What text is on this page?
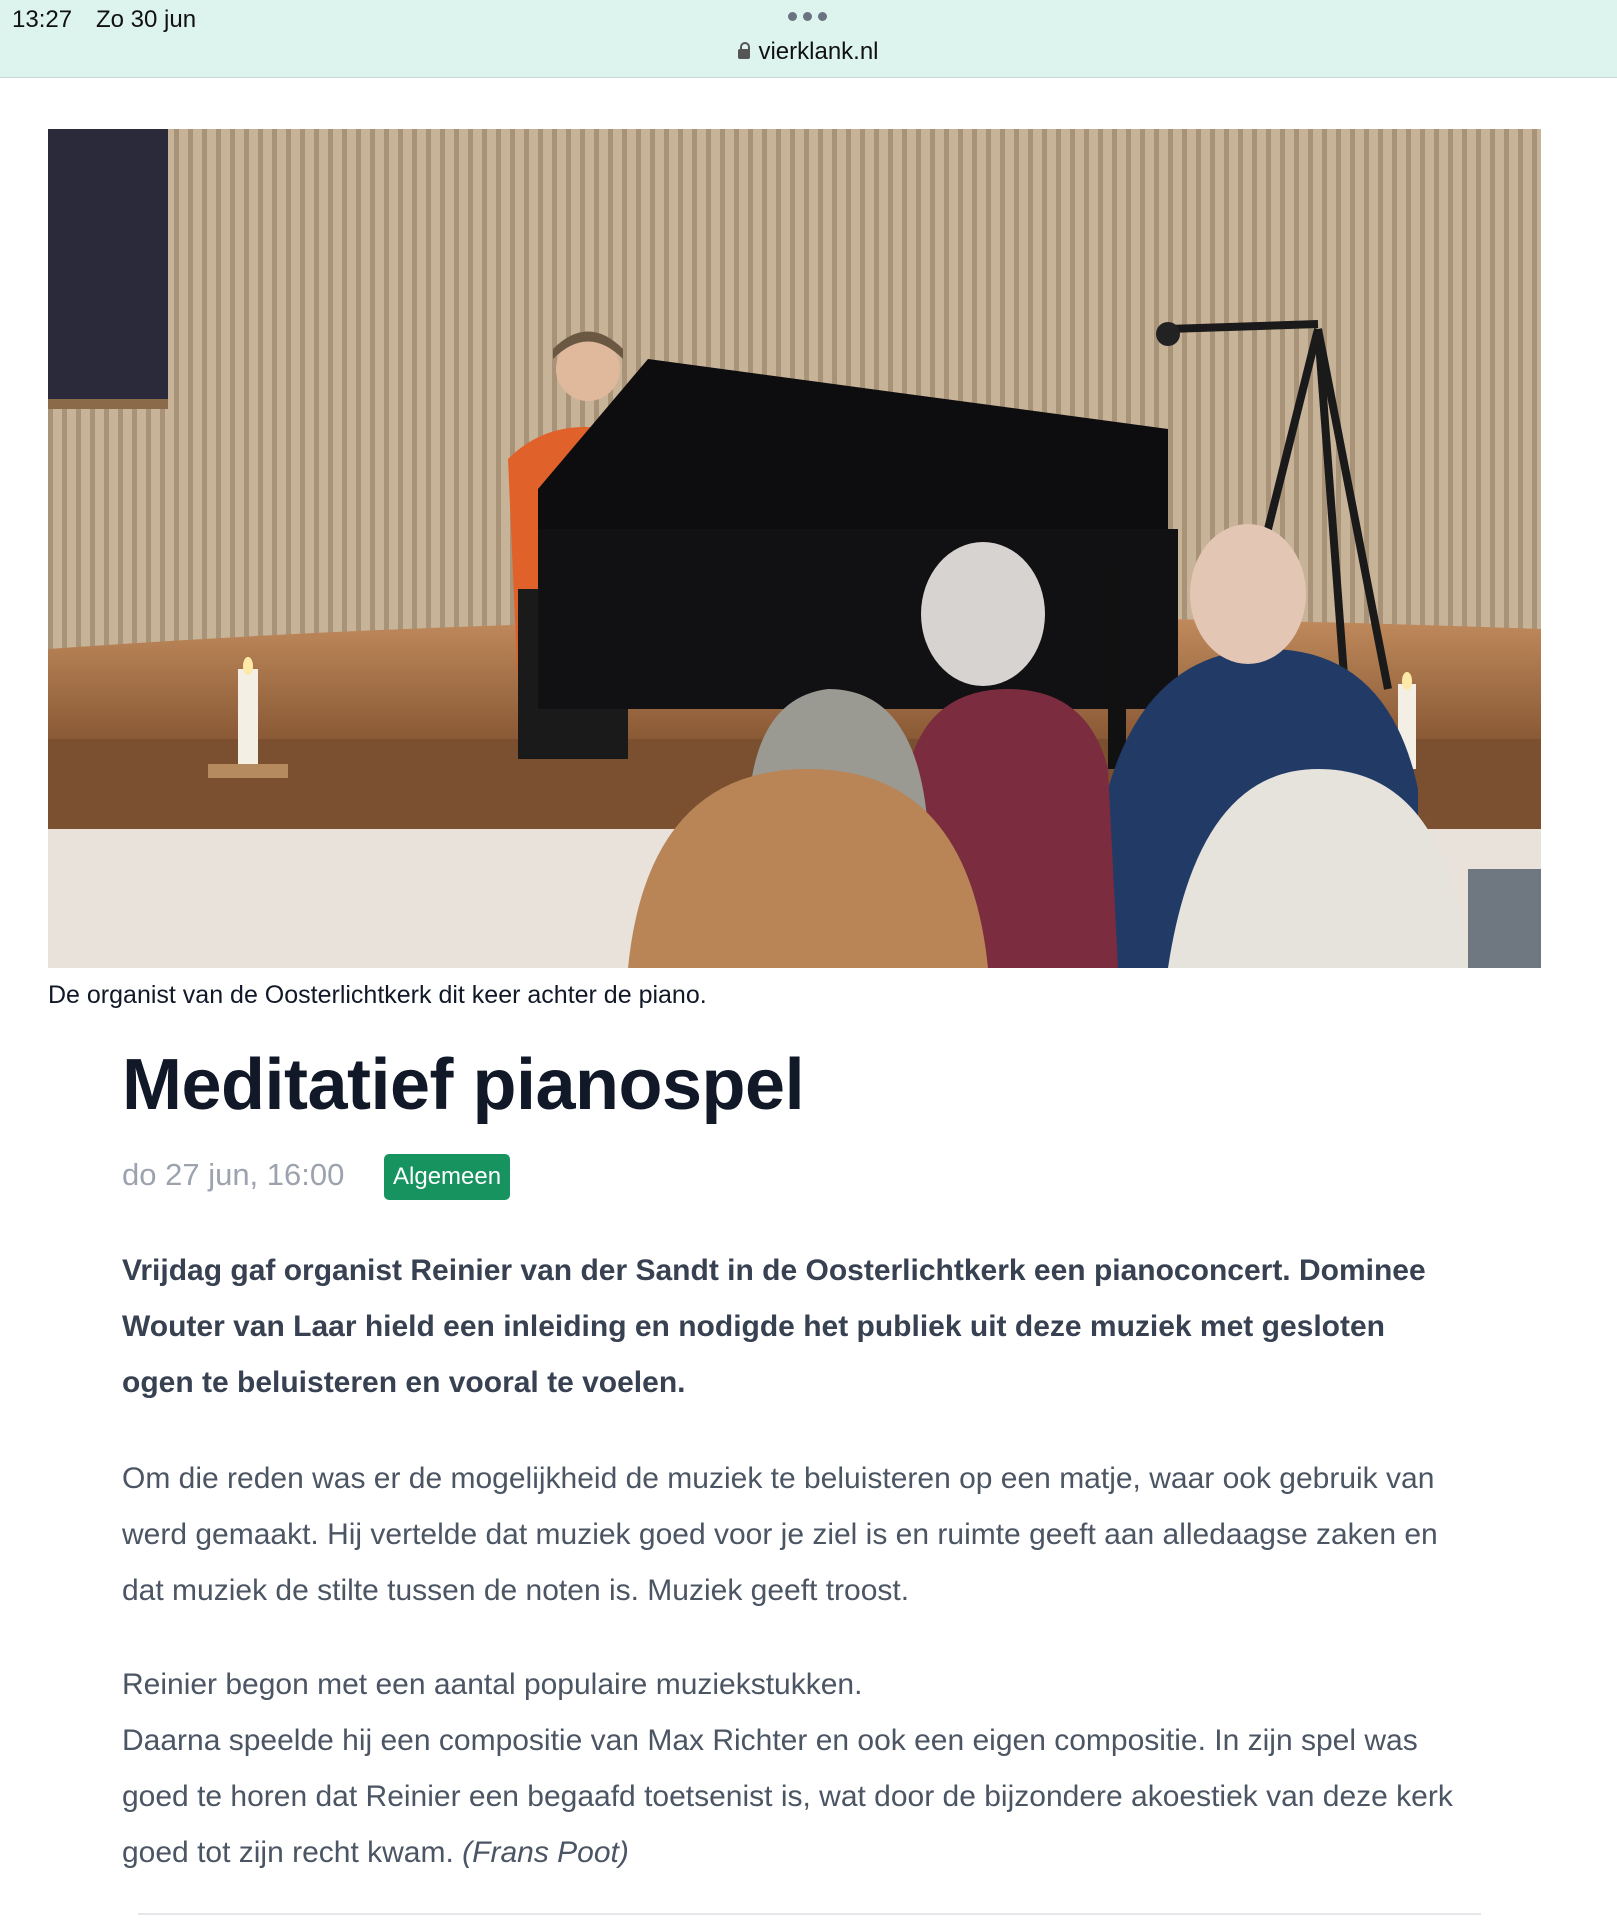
13:27 Zo 30 jun
vierklank.nl
De organist van de Oosterlichtkerk dit keer achter de piano.
Meditatief pianospel
do 27 jun, 16:00	Algemeen

Vrijdag gaf organist Reinier van der Sandt in de Oosterlichtkerk een pianoconcert. Dominee Wouter van Laar hield een inleiding en nodigde het publiek uit deze muziek met gesloten ogen te beluisteren en vooral te voelen.

Om die reden was er de mogelijkheid de muziek te beluisteren op een matje, waar ook gebruik van werd gemaakt. Hij vertelde dat muziek goed voor je ziel is en ruimte geeft aan alledaagse zaken en dat muziek de stilte tussen de noten is. Muziek geeft troost.

Reinier begon met een aantal populaire muziekstukken.
Daarna speelde hij een compositie van Max Richter en ook een eigen compositie. In zijn spel was goed te horen dat Reinier een begaafd toetsenist is, wat door de bijzondere akoestiek van deze kerk goed tot zijn recht kwam. (Frans Poot)
